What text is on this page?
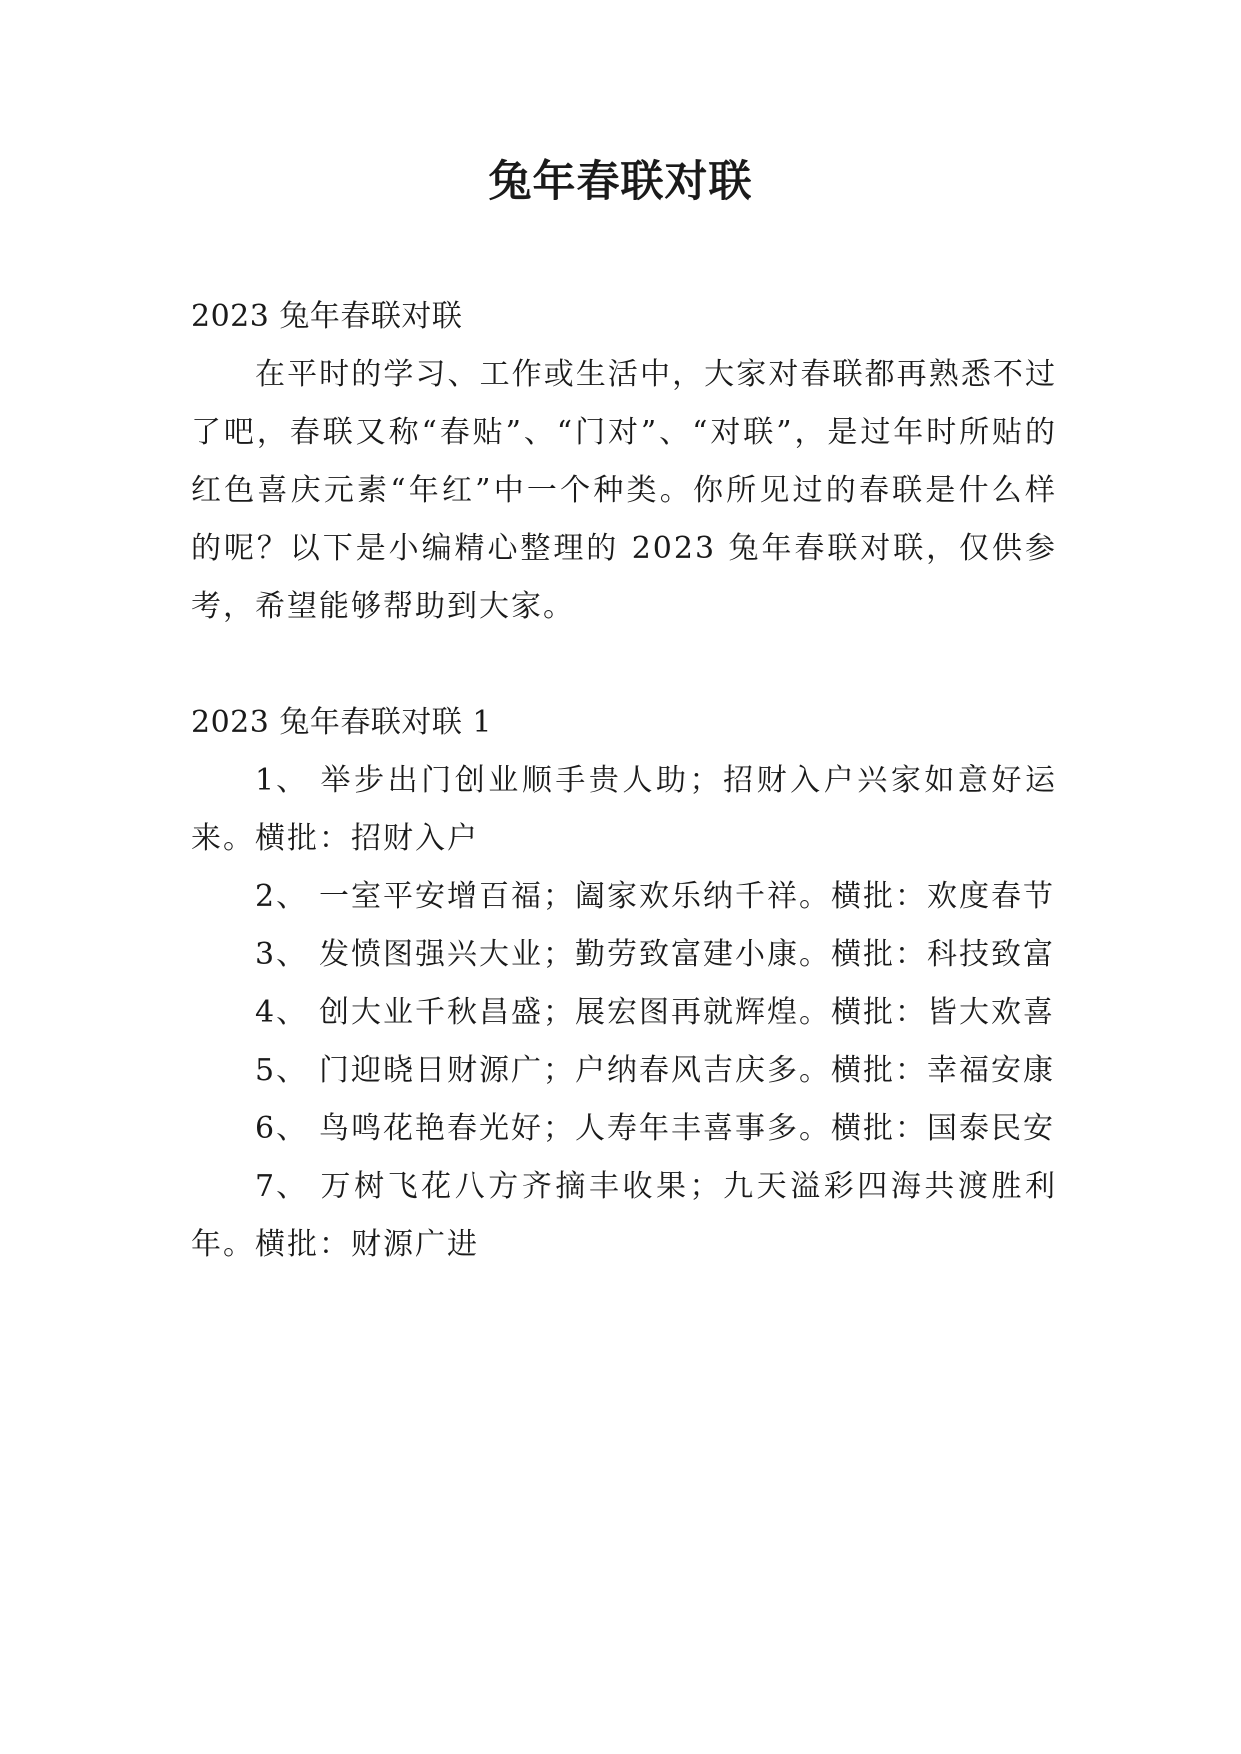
兔年春联对联

2023 兔年春联对联

在平时的学习、工作或生活中，大家对春联都再熟悉不过了吧，春联又称“春贴”、“门对”、“对联”，是过年时所贴的红色喜庆元素“年红”中一个种类。你所见过的春联是什么样的呢？以下是小编精心整理的 2023 兔年春联对联，仅供参考，希望能够帮助到大家。

2023 兔年春联对联 1

1、 举步出门创业顺手贵人助；招财入户兴家如意好运来。横批：招财入户

2、 一室平安增百福；阖家欢乐纳千祥。横批：欢度春节

3、 发愤图强兴大业；勤劳致富建小康。横批：科技致富

4、 创大业千秋昌盛；展宏图再就辉煌。横批：皆大欢喜

5、 门迎晓日财源广；户纳春风吉庆多。横批：幸福安康

6、 鸟鸣花艳春光好；人寿年丰喜事多。横批：国泰民安

7、 万树飞花八方齐摘丰收果；九天溢彩四海共渡胜利年。横批：财源广进
